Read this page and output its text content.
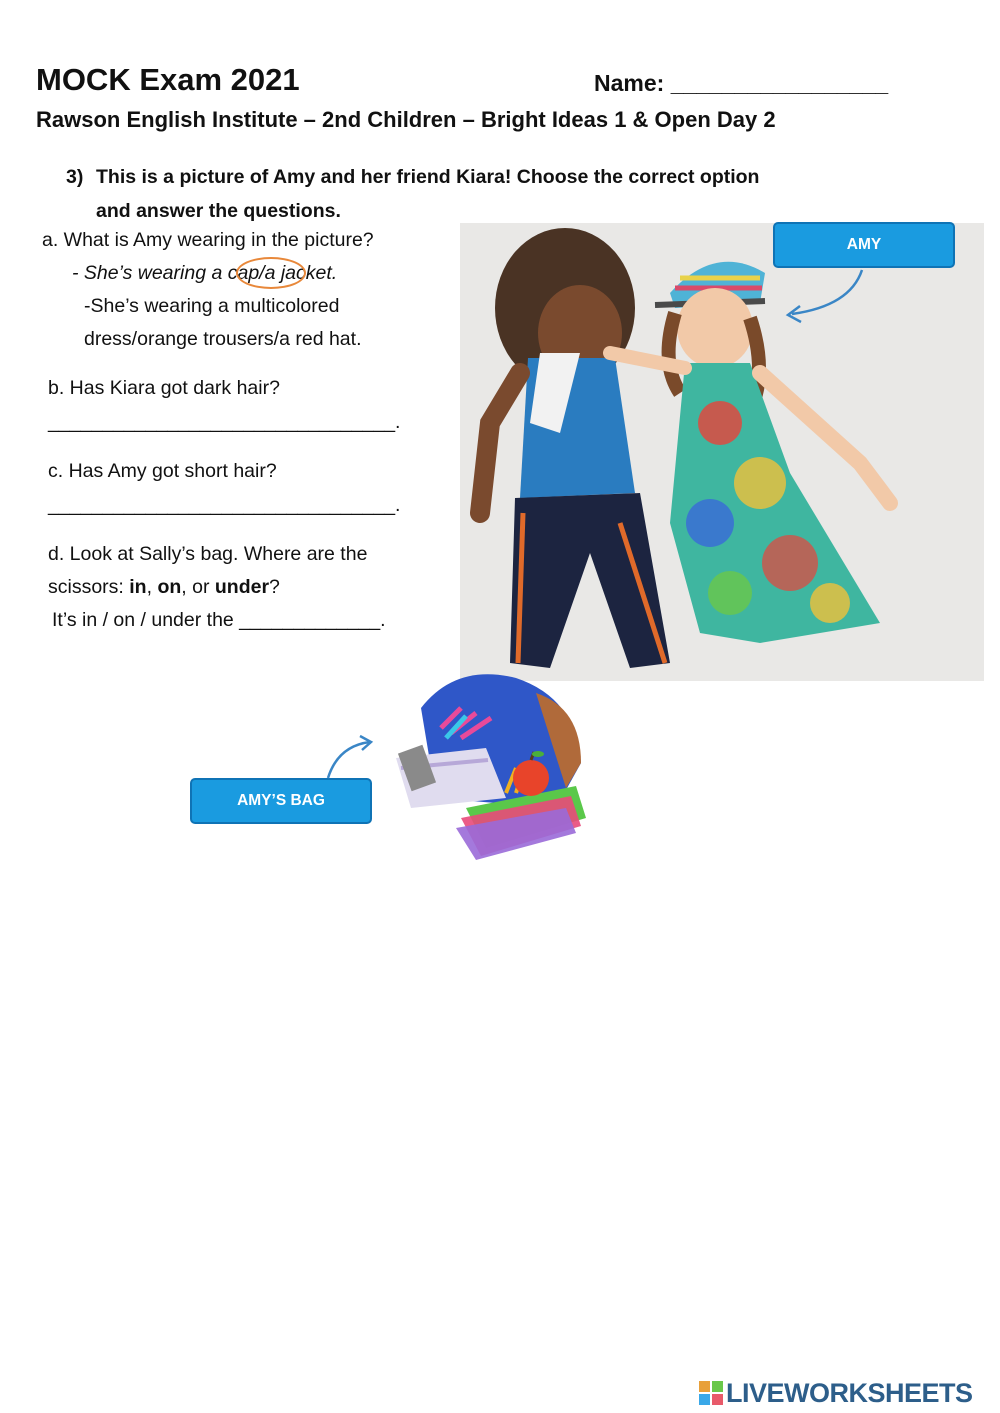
MOCK Exam 2021	Name: _________________
Rawson English Institute – 2nd Children – Bright Ideas 1 & Open Day 2
3) This is a picture of Amy and her friend Kiara! Choose the correct option
and answer the questions.
a. What is Amy wearing in the picture?
- She’s wearing a cap/a jacket.
-She’s wearing a multicolored dress/orange trousers/a red hat.
b. Has Kiara got dark hair?
________________________________.
c. Has Amy got short hair?
________________________________.
d. Look at Sally’s bag. Where are the scissors: in, on, or under?
It’s in / on / under the _____________.
AMY
AMY’S BAG
LIVEWORKSHEETS
